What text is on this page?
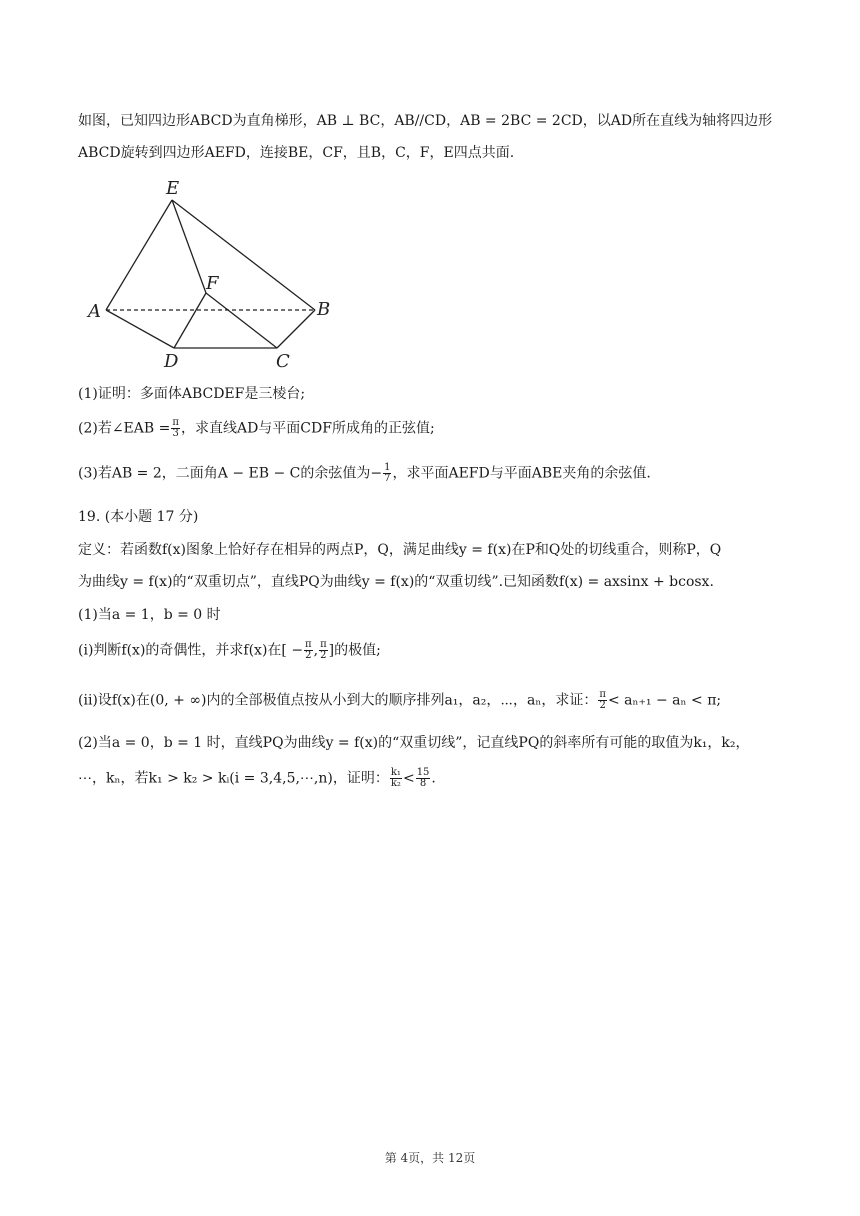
如图，已知四边形ABCD为直角梯形，AB ⊥ BC，AB//CD，AB = 2BC = 2CD，以AD所在直线为轴将四边形
ABCD旋转到四边形AEFD，连接BE，CF，且B，C，F，E四点共面.
E
F
A	B
D	C
(1)证明：多面体ABCDEF是三棱台;
(2)若∠EAB = $\frac{\pi}{3}$ ，求直线AD与平面CDF所成角的正弦值;
(3)若AB = 2，二面角A − EB − C的余弦值为− $\frac{1}{7}$ ，求平面AEFD与平面ABE夹角的余弦值.
19. (本小题 17 分)
定义：若函数f(x)图象上恰好存在相异的两点P，Q，满足曲线y = f(x)在P和Q处的切线重合，则称P，Q
为曲线y = f(x)的“双重切点”，直线PQ为曲线y = f(x)的“双重切线”.已知函数f(x) = axsinx + bcosx.
(1)当a = 1，b = 0 时
(i)判断f(x)的奇偶性，并求f(x)在[ − $\frac{\pi}{2}$ , $\frac{\pi}{2}$ ]的极值;
(ii)设f(x)在(0, + ∞)内的全部极值点按从小到大的顺序排列a₁，a₂，⋯，aₙ，求证： $\frac{\pi}{2} < a_{n+1} - a_n < \pi$;
(2)当a = 0，b = 1 时，直线PQ为曲线y = f(x)的“双重切线”，记直线PQ的斜率所有可能的取值为k₁，k₂，
⋯，kₙ，若k₁ > k₂ > kᵢ(i = 3,4,5,⋯,n)，证明： $\frac{\text{k₁}}{\text{k₂}} < \frac{15}{8}$ .
第 4页，共 12页
